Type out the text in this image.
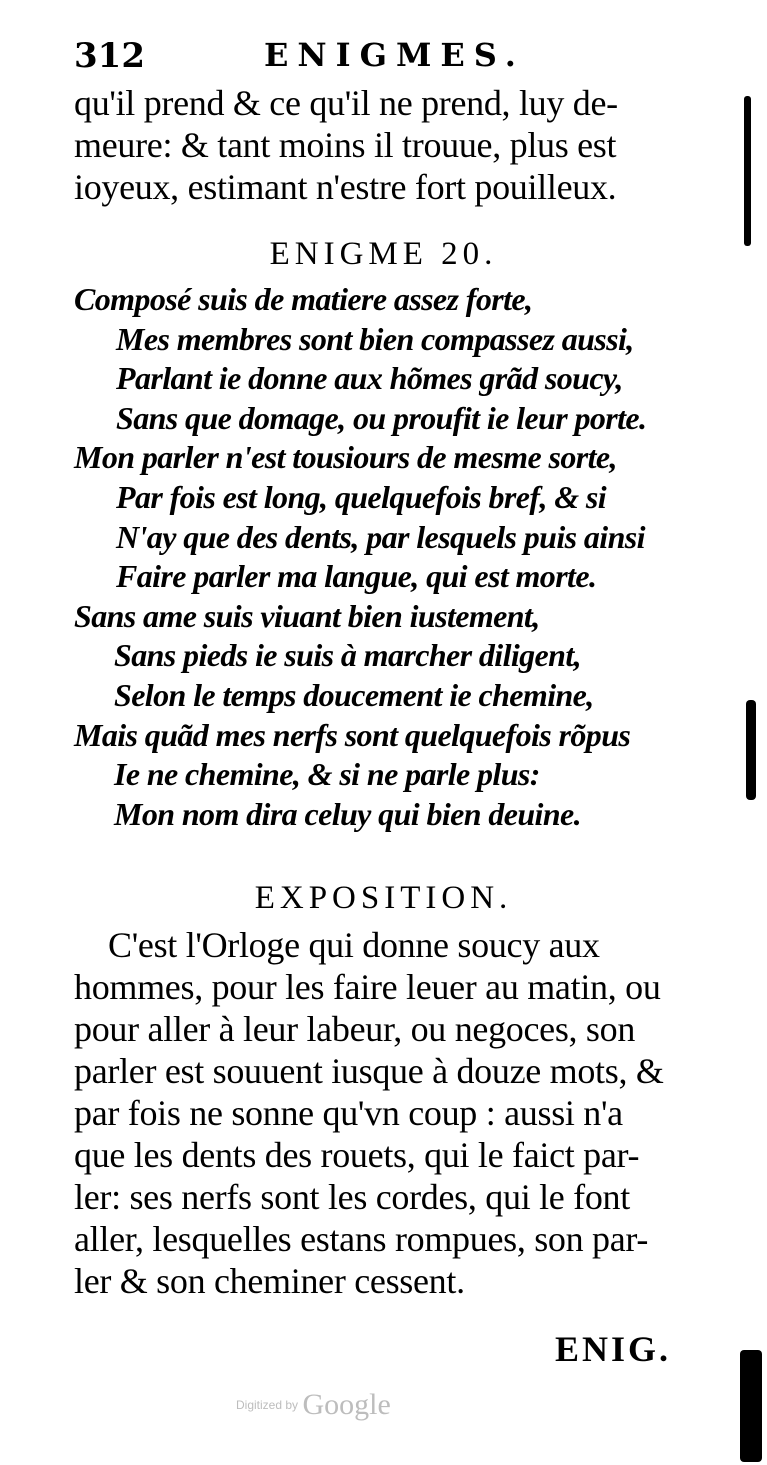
312	ENIGMES.
qu'il prend & ce qu'il ne prend, luy de-
meure: & tant moins il trouue, plus est
ioyeux, estimant n'estre fort pouilleux.
ENIGME 20.
Composé suis de matiere assez forte,
Mes membres sont bien compassez aussi,
Parlant ie donne aux hõmes grãd soucy,
Sans que domage, ou proufit ie leur porte.
Mon parler n'est tousiours de mesme sorte,
Par fois est long, quelquefois bref, & si
N'ay que des dents, par lesquels puis ainsi
Faire parler ma langue, qui est morte.
Sans ame suis viuant bien iustement,
Sans pieds ie suis à marcher diligent,
Selon le temps doucement ie chemine,
Mais quãd mes nerfs sont quelquefois rõpus
Ie ne chemine, & si ne parle plus:
Mon nom dira celuy qui bien deuine.
EXPOSITION.
C'est l'Orloge qui donne soucy aux
hommes, pour les faire leuer au matin, ou
pour aller à leur labeur, ou negoces, son
parler est souuent iusque à douze mots, &
par fois ne sonne qu'vn coup : aussi n'a
que les dents des rouets, qui le faict par-
ler: ses nerfs sont les cordes, qui le font
aller, lesquelles estans rompues, son par-
ler & son cheminer cessent.
ENIG.
Digitized by Google
